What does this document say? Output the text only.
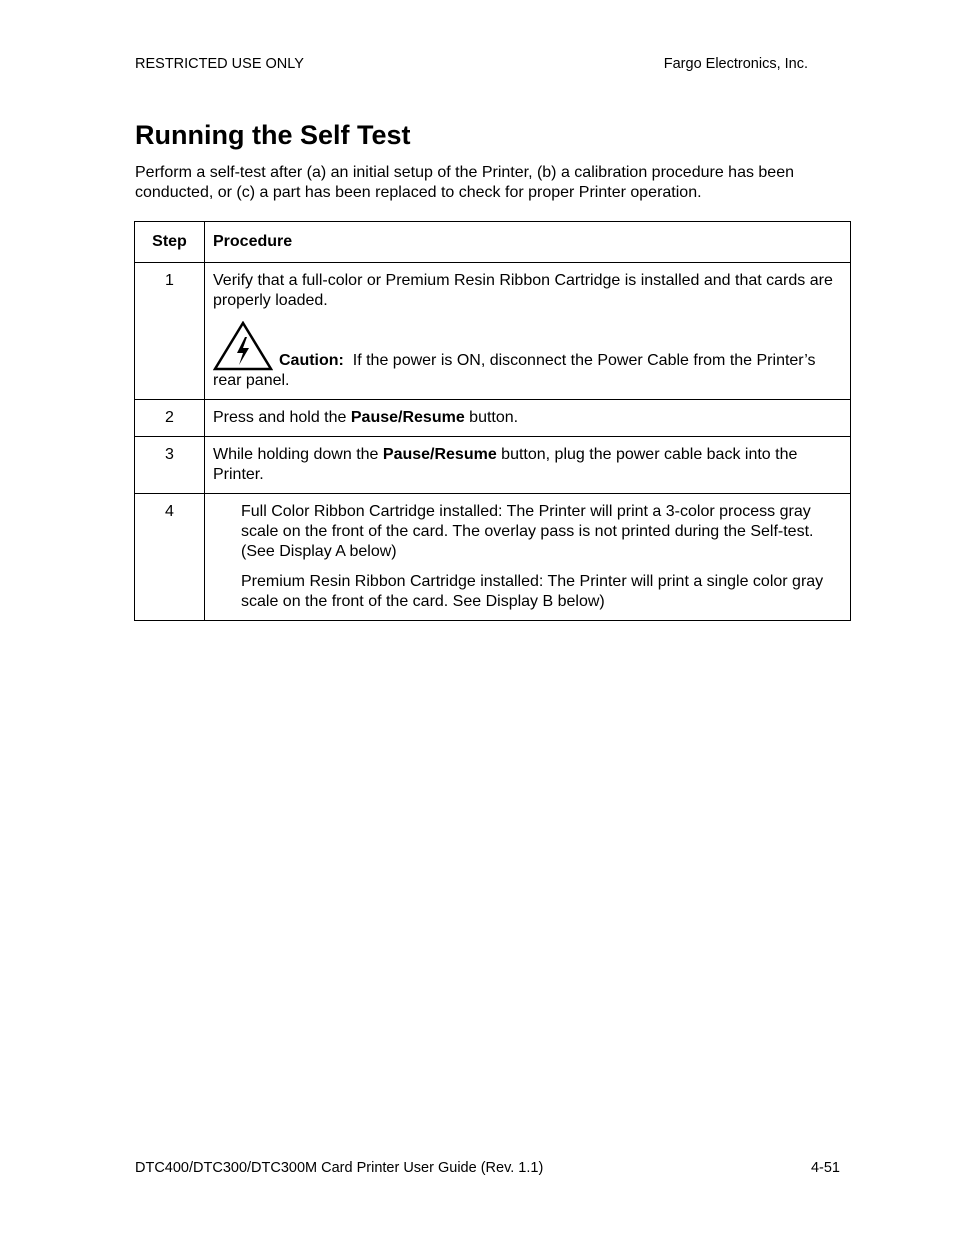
RESTRICTED USE ONLY	Fargo Electronics, Inc.
Running the Self Test

Perform a self-test after (a) an initial setup of the Printer, (b) a calibration procedure has been conducted, or (c) a part has been replaced to check for proper Printer operation.

Step	Procedure
1	Verify that a full-color or Premium Resin Ribbon Cartridge is installed and that cards are properly loaded.
Caution: If the power is ON, disconnect the Power Cable from the Printer’s rear panel.

2	Press and hold the Pause/Resume button.
3	While holding down the Pause/Resume button, plug the power cable back into the Printer.
4	Full Color Ribbon Cartridge installed: The Printer will print a 3-color process gray scale on the front of the card. The overlay pass is not printed during the Self-test. (See Display A below)

Premium Resin Ribbon Cartridge installed: The Printer will print a single color gray scale on the front of the card. See Display B below)

DTC400/DTC300/DTC300M Card Printer User Guide (Rev. 1.1)	4-51
